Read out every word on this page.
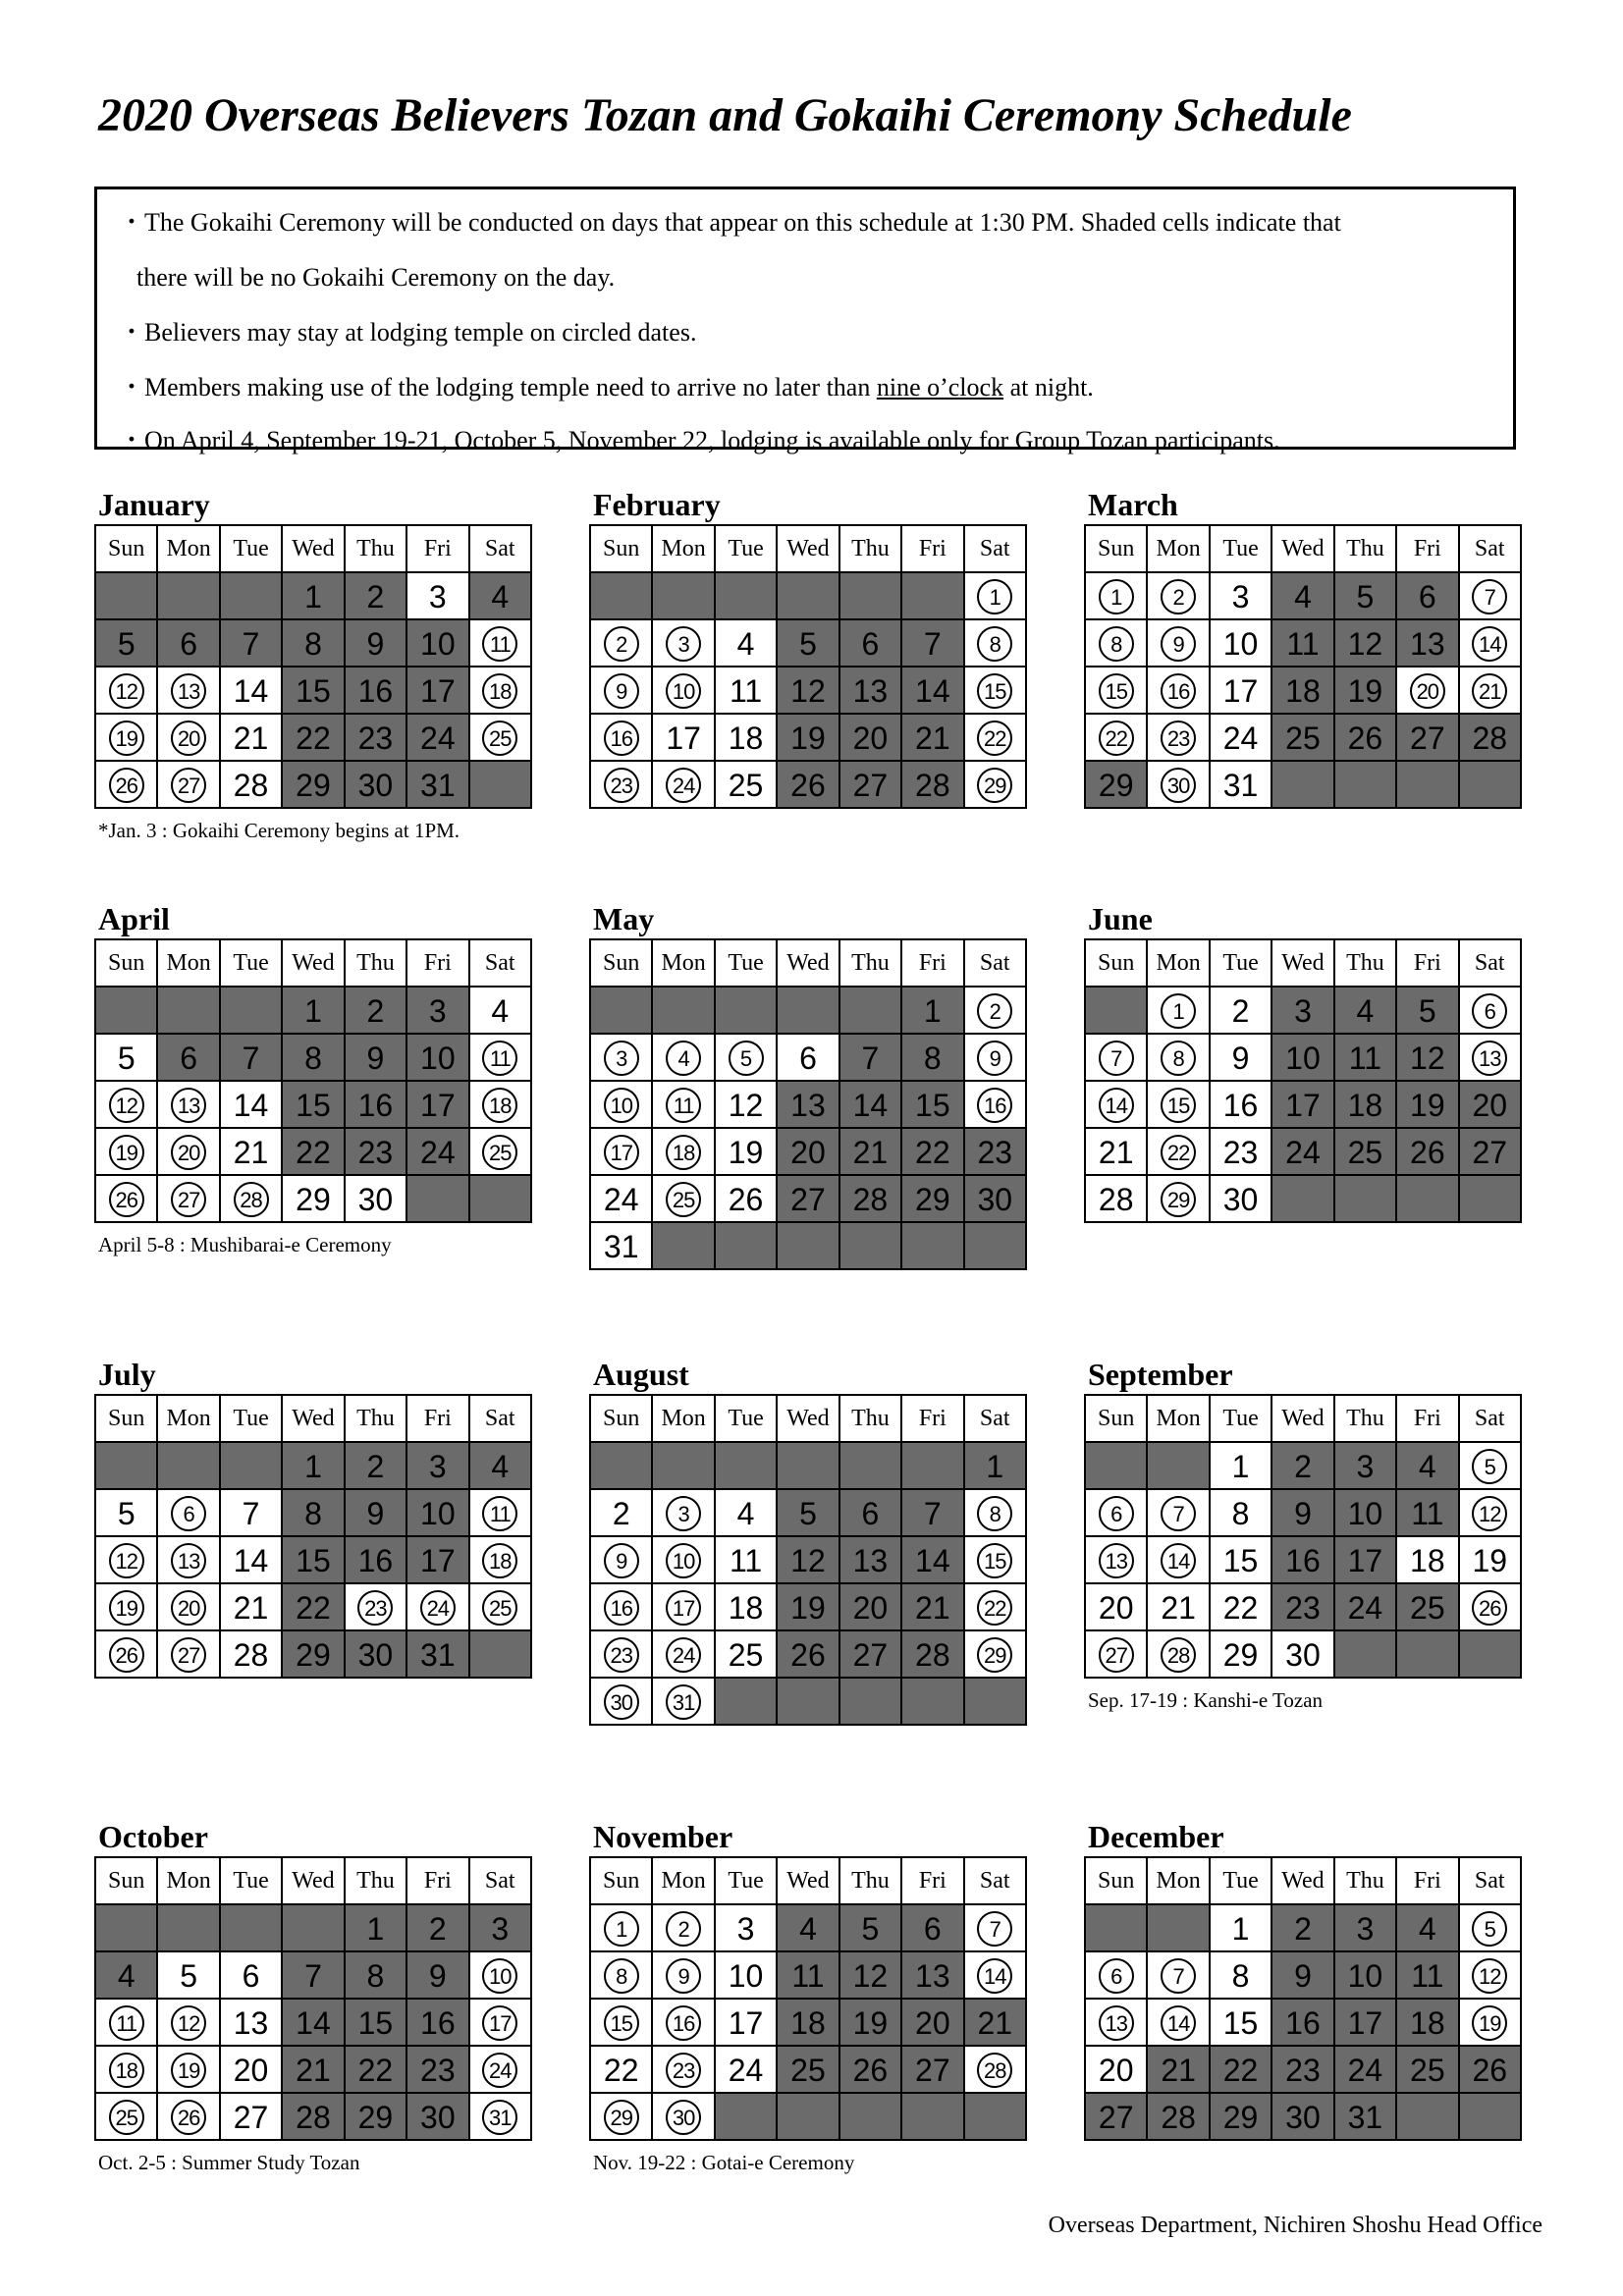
2020 Overseas Believers Tozan and Gokaihi Ceremony Schedule
・The Gokaihi Ceremony will be conducted on days that appear on this schedule at 1:30 PM. Shaded cells indicate that
there will be no Gokaihi Ceremony on the day.
・Believers may stay at lodging temple on circled dates.
・Members making use of the lodging temple need to arrive no later than nine o’clock at night.
・On April 4, September 19-21, October 5, November 22, lodging is available only for Group Tozan participants.
January
Sun	Mon	Tue	Wed	Thu	Fri	Sat
			1	2	3	4
5	6	7	8	9	10	11
12	13	14	15	16	17	18
19	20	21	22	23	24	25
26	27	28	29	30	31	
*Jan. 3 : Gokaihi Ceremony begins at 1PM.
February
Sun	Mon	Tue	Wed	Thu	Fri	Sat
						1
2	3	4	5	6	7	8
9	10	11	12	13	14	15
16	17	18	19	20	21	22
23	24	25	26	27	28	29
March
Sun	Mon	Tue	Wed	Thu	Fri	Sat
1	2	3	4	5	6	7
8	9	10	11	12	13	14
15	16	17	18	19	20	21
22	23	24	25	26	27	28
29	30	31				
April
Sun	Mon	Tue	Wed	Thu	Fri	Sat
			1	2	3	4
5	6	7	8	9	10	11
12	13	14	15	16	17	18
19	20	21	22	23	24	25
26	27	28	29	30		
April 5-8 : Mushibarai-e Ceremony
May
Sun	Mon	Tue	Wed	Thu	Fri	Sat
					1	2
3	4	5	6	7	8	9
10	11	12	13	14	15	16
17	18	19	20	21	22	23
24	25	26	27	28	29	30
31						
June
Sun	Mon	Tue	Wed	Thu	Fri	Sat
	1	2	3	4	5	6
7	8	9	10	11	12	13
14	15	16	17	18	19	20
21	22	23	24	25	26	27
28	29	30				
July
Sun	Mon	Tue	Wed	Thu	Fri	Sat
			1	2	3	4
5	6	7	8	9	10	11
12	13	14	15	16	17	18
19	20	21	22	23	24	25
26	27	28	29	30	31	
August
Sun	Mon	Tue	Wed	Thu	Fri	Sat
						1
2	3	4	5	6	7	8
9	10	11	12	13	14	15
16	17	18	19	20	21	22
23	24	25	26	27	28	29
30	31					
September
Sun	Mon	Tue	Wed	Thu	Fri	Sat
		1	2	3	4	5
6	7	8	9	10	11	12
13	14	15	16	17	18	19
20	21	22	23	24	25	26
27	28	29	30			
Sep. 17-19 : Kanshi-e Tozan
October
Sun	Mon	Tue	Wed	Thu	Fri	Sat
				1	2	3
4	5	6	7	8	9	10
11	12	13	14	15	16	17
18	19	20	21	22	23	24
25	26	27	28	29	30	31
Oct. 2-5 : Summer Study Tozan
November
Sun	Mon	Tue	Wed	Thu	Fri	Sat
1	2	3	4	5	6	7
8	9	10	11	12	13	14
15	16	17	18	19	20	21
22	23	24	25	26	27	28
29	30					
Nov. 19-22 : Gotai-e Ceremony
December
Sun	Mon	Tue	Wed	Thu	Fri	Sat
		1	2	3	4	5
6	7	8	9	10	11	12
13	14	15	16	17	18	19
20	21	22	23	24	25	26
27	28	29	30	31		
Overseas Department, Nichiren Shoshu Head Office
